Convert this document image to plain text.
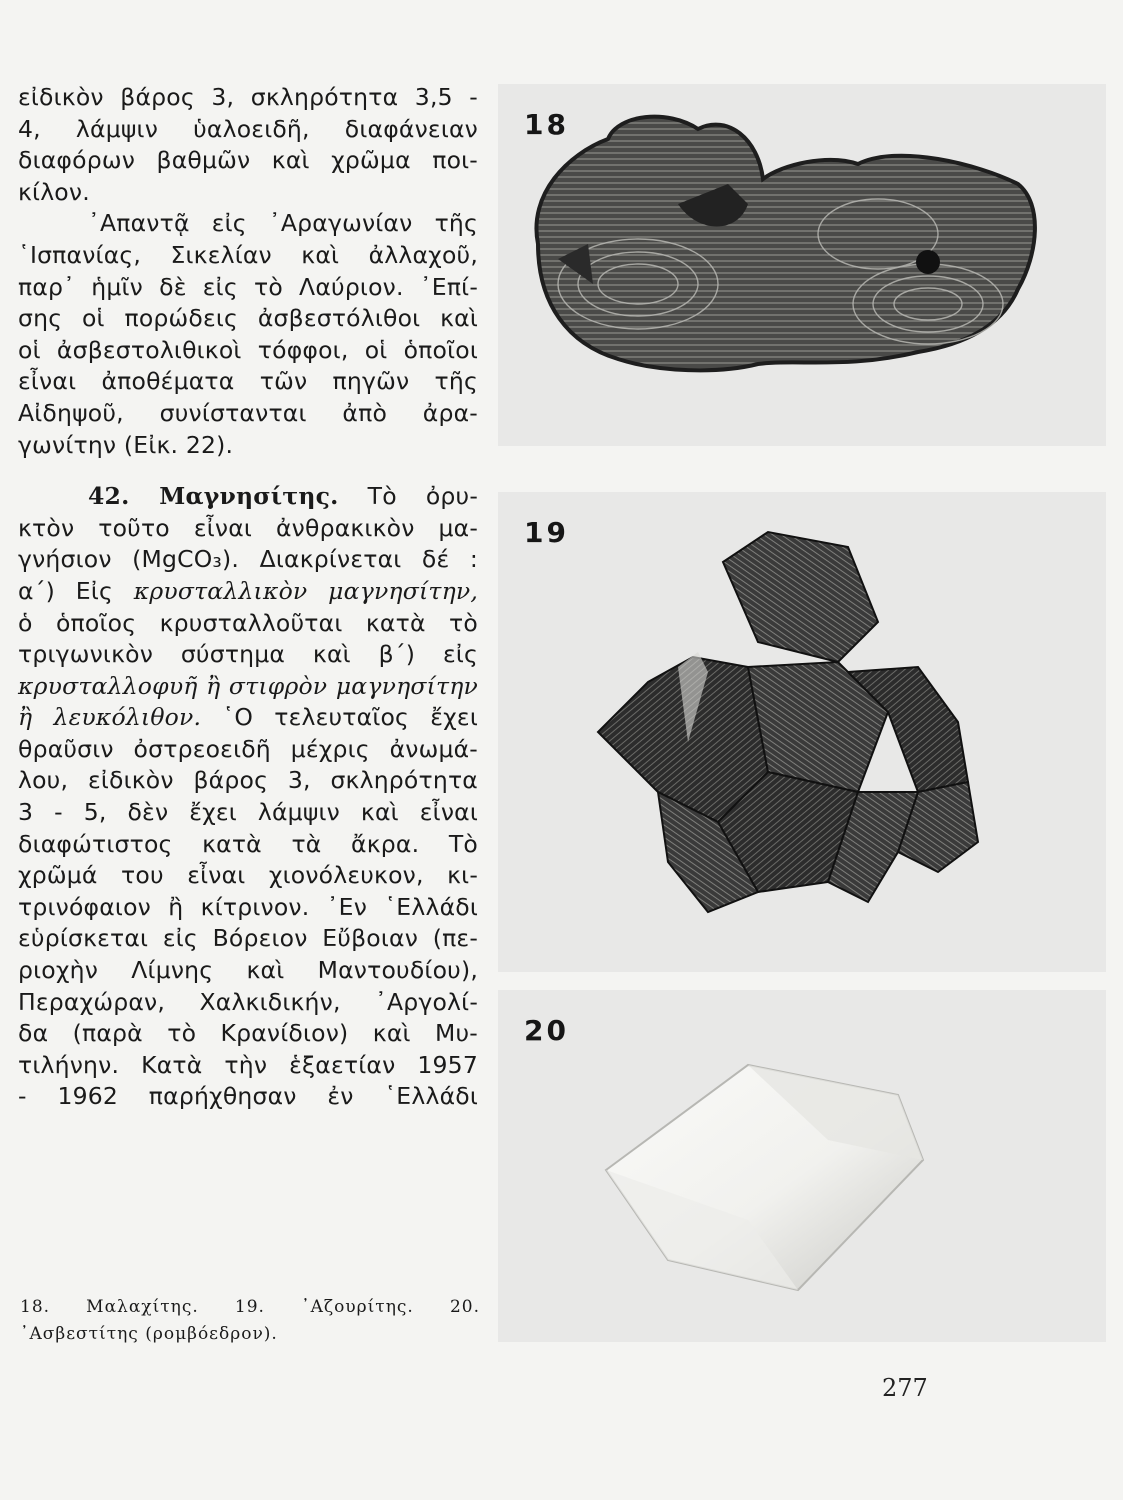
εἰδικὸν βάρος 3, σκληρότητα 3,5 -
4, λάμψιν ὑαλοειδῆ, διαφάνειαν
διαφόρων βαθμῶν καὶ χρῶμα ποι-
κίλον.
᾿Απαντᾷ εἰς ᾿Αραγωνίαν τῆς
῾Ισπανίας, Σικελίαν καὶ ἀλλαχοῦ,
παρ᾿ ἡμῖν δὲ εἰς τὸ Λαύριον. ᾿Επί-
σης οἱ πορώδεις ἀσβεστόλιθοι καὶ
οἱ ἀσβεστολιθικοὶ τόφφοι, οἱ ὁποῖοι
εἶναι ἀποθέματα τῶν πηγῶν τῆς
Αἰδηψοῦ, συνίστανται ἀπὸ ἀρα-
γωνίτην (Εἰκ. 22).
42. Μαγνησίτης. Τὸ ὀρυ-
κτὸν τοῦτο εἶναι ἀνθρακικὸν μα-
γνήσιον (MgCO₃). Διακρίνεται δέ :
α΄) Εἰς κρυσταλλικὸν μαγνησίτην,
ὁ ὁποῖος κρυσταλλοῦται κατὰ τὸ
τριγωνικὸν σύστημα καὶ β΄) εἰς
κρυσταλλοφυῆ ἢ στιφρὸν μαγνησίτην
ἢ λευκόλιθον. ῾Ο τελευταῖος ἔχει
θραῦσιν ὀστρεοειδῆ μέχρις ἀνωμά-
λου, εἰδικὸν βάρος 3, σκληρότητα
3 - 5, δὲν ἔχει λάμψιν καὶ εἶναι
διαφώτιστος κατὰ τὰ ἄκρα. Τὸ
χρῶμά του εἶναι χιονόλευκον, κι-
τρινόφαιον ἢ κίτρινον. ᾿Εν ῾Ελλάδι
εὑρίσκεται εἰς Βόρειον Εὔβοιαν (πε-
ριοχὴν Λίμνης καὶ Μαντουδίου),
Περαχώραν, Χαλκιδικήν, ᾿Αργολί-
δα (παρὰ τὸ Κρανίδιον) καὶ Μυ-
τιλήνην. Κατὰ τὴν ἑξαετίαν 1957
- 1962 παρήχθησαν ἐν ῾Ελλάδι
18. Μαλαχίτης. 19. ᾿Αζουρίτης. 20.
᾿Ασβεστίτης (ρομβόεδρον).
18
19
20
277
